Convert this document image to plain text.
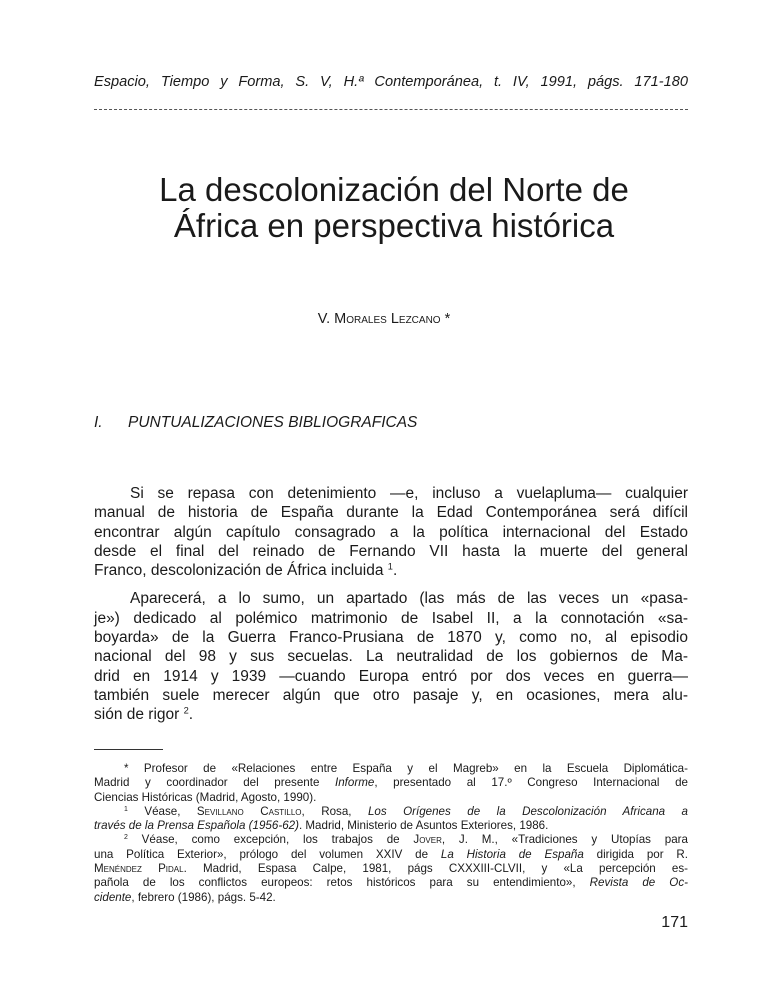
Espacio, Tiempo y Forma, S. V, H.ª Contemporánea, t. IV, 1991, págs. 171-180
La descolonización del Norte de
África en perspectiva histórica
V. Morales Lezcano *
I. PUNTUALIZACIONES BIBLIOGRAFICAS
Si se repasa con detenimiento —e, incluso a vuelapluma— cualquier
manual de historia de España durante la Edad Contemporánea será difícil
encontrar algún capítulo consagrado a la política internacional del Estado
desde el final del reinado de Fernando VII hasta la muerte del general
Franco, descolonización de África incluida $^1$.
Aparecerá, a lo sumo, un apartado (las más de las veces un «pasa-
je») dedicado al polémico matrimonio de Isabel II, a la connotación «sa-
boyarda» de la Guerra Franco-Prusiana de 1870 y, como no, al episodio
nacional del 98 y sus secuelas. La neutralidad de los gobiernos de Ma-
drid en 1914 y 1939 —cuando Europa entró por dos veces en guerra—
también suele merecer algún que otro pasaje y, en ocasiones, mera alu-
sión de rigor $^2$.
* Profesor de «Relaciones entre España y el Magreb» en la Escuela Diplomática-
Madrid y coordinador del presente Informe, presentado al 17.º Congreso Internacional de
Ciencias Históricas (Madrid, Agosto, 1990).
$^1$ Véase, Sevillano Castillo, Rosa, Los Orígenes de la Descolonización Africana a
través de la Prensa Española (1956-62). Madrid, Ministerio de Asuntos Exteriores, 1986.
$^2$ Véase, como excepción, los trabajos de Jover, J. M., «Tradiciones y Utopías para
una Política Exterior», prólogo del volumen XXIV de La Historia de España dirigida por R.
Menéndez Pidal. Madrid, Espasa Calpe, 1981, págs CXXXIII-CLVII, y «La percepción es-
pañola de los conflictos europeos: retos históricos para su entendimiento», Revista de Oc-
cidente, febrero (1986), págs. 5-42.
171
